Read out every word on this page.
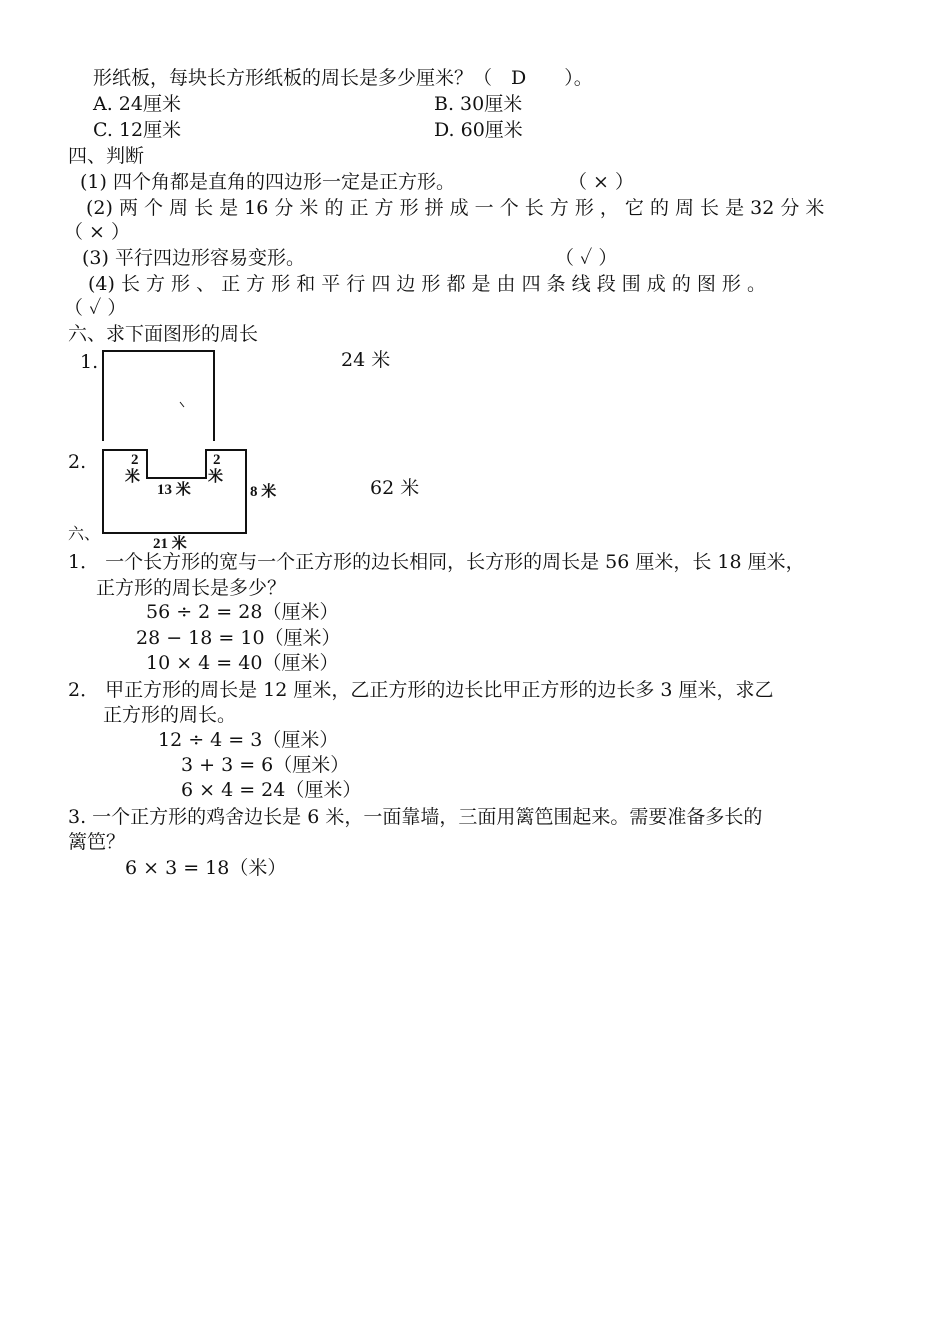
形纸板，每块长方形纸板的周长是多少厘米？（　D　　）。
A. 24厘米	B. 30厘米
C. 12厘米	D. 60厘米
四、判断
(1) 四个角都是直角的四边形一定是正方形。	（ × ）
(2) 两 个 周 长 是 16 分 米 的 正 方 形 拼 成 一 个 长 方 形 ， 它 的 周 长 是 32 分 米
（ × ）
(3) 平行四边形容易变形。	（ ✓ ）
(4) 长 方 形 、 正 方 形 和 平 行 四 边 形 都 是 由 四 条 线 段 围 成 的 图 形 。
（ ✓ ）
六、求下面图形的周长
1.	24 米
2.
62 米
2
米
2
米
13 米	8 米
21 米
六、
1． 一个长方形的宽与一个正方形的边长相同，长方形的周长是 56 厘米，长 18 厘米，
正方形的周长是多少？
56 ÷ 2 = 28（厘米）
28 − 18 = 10（厘米）
10 × 4 = 40（厘米）
2． 甲正方形的周长是 12 厘米，乙正方形的边长比甲正方形的边长多 3 厘米，求乙
正方形的周长。
12 ÷ 4 = 3（厘米）
3 + 3 = 6（厘米）
6 × 4 = 24（厘米）
3. 一个正方形的鸡舍边长是 6 米，一面靠墙，三面用篱笆围起来。需要准备多长的
篱笆？
6 × 3 = 18（米）
